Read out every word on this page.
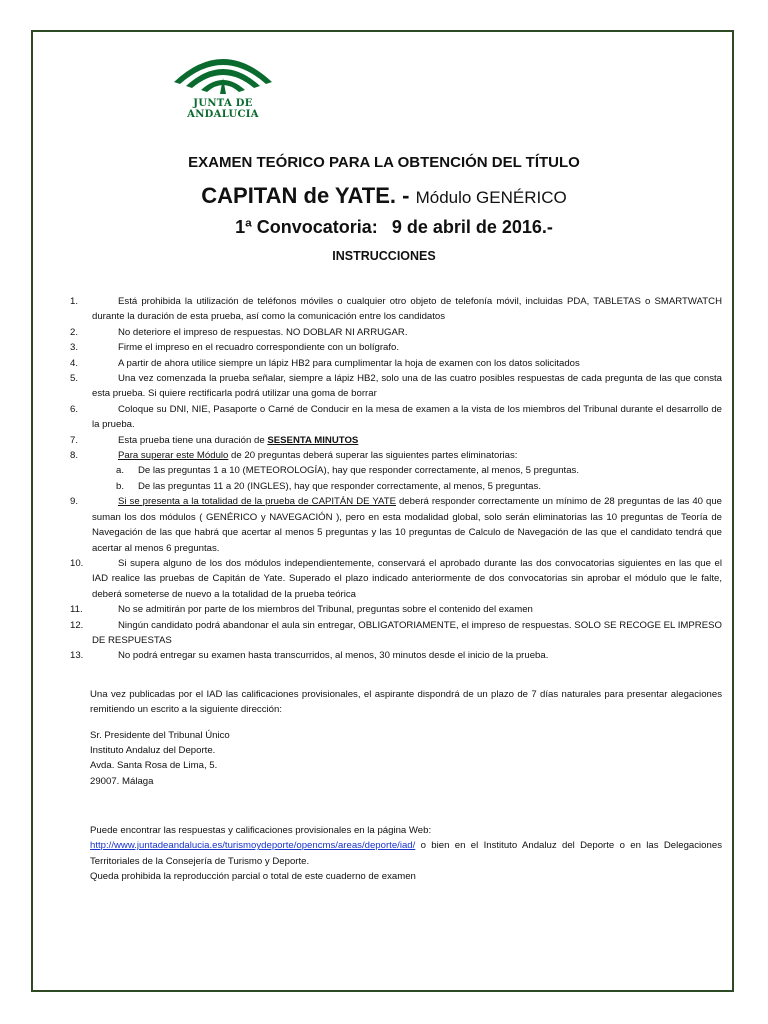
JUNTA DE ANDALUCIA
EXAMEN TEÓRICO PARA LA OBTENCIÓN DEL TÍTULO
CAPITAN de YATE. - Módulo GENÉRICO
1ª Convocatoria: 9 de abril de 2016.-
INSTRUCCIONES
1.	Está prohibida la utilización de teléfonos móviles o cualquier otro objeto de telefonía móvil, incluidas PDA, TABLETAS o SMARTWATCH durante la duración de esta prueba, así como la comunicación entre los candidatos
2.	No deteriore el impreso de respuestas. NO DOBLAR NI ARRUGAR.
3.	Firme el impreso en el recuadro correspondiente con un bolígrafo.
4.	A partir de ahora utilice siempre un lápiz HB2 para cumplimentar la hoja de examen con los datos solicitados
5.	Una vez comenzada la prueba señalar, siempre a lápiz HB2, solo una de las cuatro posibles respuestas de cada pregunta de las que consta esta prueba. Si quiere rectificarla podrá utilizar una goma de borrar
6.	Coloque su DNI, NIE, Pasaporte o Carné de Conducir en la mesa de examen a la vista de los miembros del Tribunal durante el desarrollo de la prueba.
7.	Esta prueba tiene una duración de SESENTA MINUTOS
8.	Para superar este Módulo de 20 preguntas deberá superar las siguientes partes eliminatorias:
a. De las preguntas 1 a 10 (METEOROLOGÍA), hay que responder correctamente, al menos, 5 preguntas.
b. De las preguntas 11 a 20 (INGLES), hay que responder correctamente, al menos, 5 preguntas.
9.	Si se presenta a la totalidad de la prueba de CAPITÁN DE YATE deberá responder correctamente un mínimo de 28 preguntas de las 40 que suman los dos módulos ( GENÉRICO y NAVEGACIÓN ), pero en esta modalidad global, solo serán eliminatorias las 10 preguntas de Teoría de Navegación de las que habrá que acertar al menos 5 preguntas y las 10 preguntas de Calculo de Navegación de las que el candidato tendrá que acertar al menos 6 preguntas.
10.	Si supera alguno de los dos módulos independientemente, conservará el aprobado durante las dos convocatorias siguientes en las que el IAD realice las pruebas de Capitán de Yate. Superado el plazo indicado anteriormente de dos convocatorias sin aprobar el módulo que le falte, deberá someterse de nuevo a la totalidad de la prueba teórica
11.	No se admitirán por parte de los miembros del Tribunal, preguntas sobre el contenido del examen
12.	Ningún candidato podrá abandonar el aula sin entregar, OBLIGATORIAMENTE, el impreso de respuestas. SOLO SE RECOGE EL IMPRESO DE RESPUESTAS
13.	No podrá entregar su examen hasta transcurridos, al menos, 30 minutos desde el inicio de la prueba.
Una vez publicadas por el IAD las calificaciones provisionales, el aspirante dispondrá de un plazo de 7 días naturales para presentar alegaciones remitiendo un escrito a la siguiente dirección:
Sr. Presidente del Tribunal Único
Instituto Andaluz del Deporte.
Avda. Santa Rosa de Lima, 5.
29007. Málaga
Puede encontrar las respuestas y calificaciones provisionales en la página Web:
http://www.juntadeandalucia.es/turismoydeporte/opencms/areas/deporte/iad/ o bien en el Instituto Andaluz del Deporte o en las Delegaciones Territoriales de la Consejería de Turismo y Deporte.
Queda prohibida la reproducción parcial o total de este cuaderno de examen
